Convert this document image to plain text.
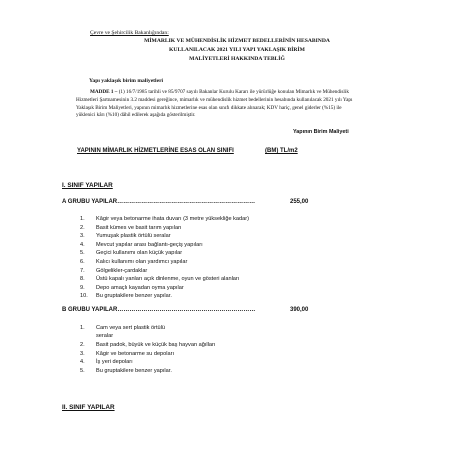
Çevre ve Şehircilik Bakanlığından:
MİMARLIK VE MÜHENDİSLİK HİZMET BEDELLERİNİN HESABINDA
KULLANILACAK 2021 YILI YAPI YAKLAŞIK BİRİM
MALİYETLERİ HAKKINDA TEBLİĞ
Yapı yaklaşık birim maliyetleri
MADDE 1 – (1) 16/7/1985 tarihli ve 85/9707 sayılı Bakanlar Kurulu Kararı ile yürürlüğe konulan Mimarlık ve Mühendislik
Hizmetleri Şartnamesinin 3.2 maddesi gereğince, mimarlık ve mühendislik hizmet bedellerinin hesabında kullanılacak 2021 yılı Yapı
Yaklaşık Birim Maliyetleri, yapının mimarlık hizmetlerine esas olan sınıfı dikkate alınarak; KDV hariç, genel giderler (%15) ile
yüklenici kârı (%10) dâhil edilerek aşağıda gösterilmiştir.
Yapının Birim Maliyeti
YAPININ MİMARLIK HİZMETLERİNE ESAS OLAN SINIFI	(BM) TL/m2
I. SINIF YAPILAR
A GRUBU YAPILAR……………………………………………………………	255,00
1. Kâgir veya betonarme ihata duvarı (3 metre yüksekliğe kadar)
2. Basit kümes ve basit tarım yapıları
3. Yumuşak plastik örtülü seralar
4. Mevcut yapılar arası bağlantı-geçiş yapıları
5. Geçici kullanımı olan küçük yapılar
6. Kalıcı kullanımı olan yardımcı yapılar
7. Gölgelikler-çardaklar
8. Üstü kapalı yanları açık dinlenme, oyun ve gösteri alanları
9. Depo amaçlı kayadan oyma yapılar
10. Bu gruptakilere benzer yapılar.
B GRUBU YAPILAR……………………………………………………………	390,00
1. Cam veya sert plastik örtülü
seralar
2. Basit padok, büyük ve küçük baş hayvan ağılları
3. Kâgir ve betonarme su depoları
4. İş yeri depoları
5. Bu gruptakilere benzer yapılar.
II. SINIF YAPILAR
